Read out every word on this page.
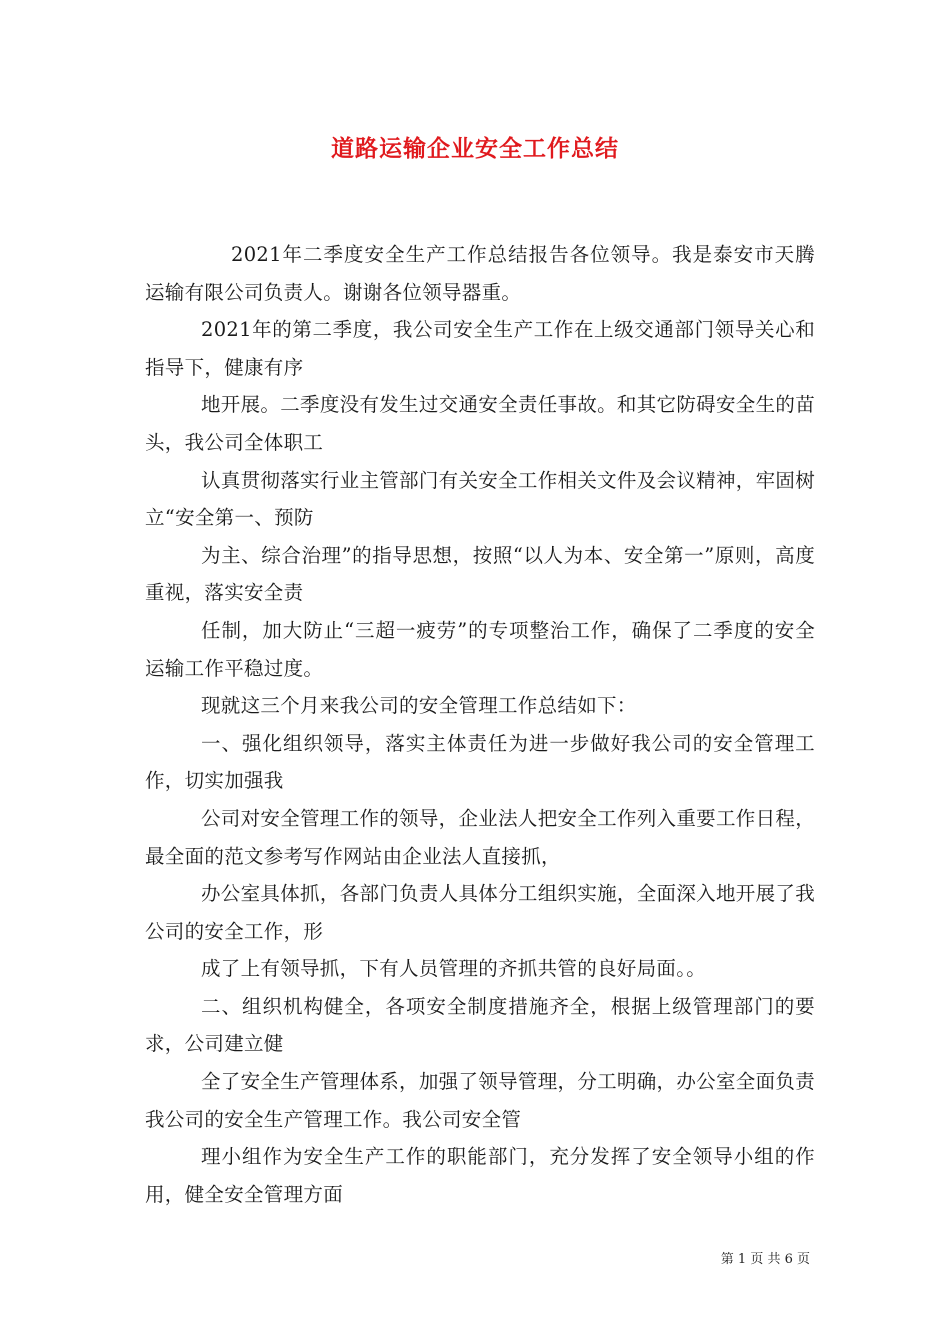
道路运输企业安全工作总结

2021年二季度安全生产工作总结报告各位领导。我是泰安市天腾运输有限公司负责人。谢谢各位领导器重。

2021年的第二季度，我公司安全生产工作在上级交通部门领导关心和指导下，健康有序

地开展。二季度没有发生过交通安全责任事故。和其它防碍安全生的苗头，我公司全体职工

认真贯彻落实行业主管部门有关安全工作相关文件及会议精神，牢固树立“安全第一、预防

为主、综合治理”的指导思想，按照“以人为本、安全第一”原则，高度重视，落实安全责

任制，加大防止“三超一疲劳”的专项整治工作，确保了二季度的安全运输工作平稳过度。

现就这三个月来我公司的安全管理工作总结如下：

一、强化组织领导，落实主体责任为进一步做好我公司的安全管理工作，切实加强我

公司对安全管理工作的领导，企业法人把安全工作列入重要工作日程，最全面的范文参考写作网站由企业法人直接抓，

办公室具体抓，各部门负责人具体分工组织实施，全面深入地开展了我公司的安全工作，形

成了上有领导抓，下有人员管理的齐抓共管的良好局面。。

二、组织机构健全，各项安全制度措施齐全，根据上级管理部门的要求，公司建立健

全了安全生产管理体系，加强了领导管理，分工明确，办公室全面负责我公司的安全生产管理工作。我公司安全管

理小组作为安全生产工作的职能部门，充分发挥了安全领导小组的作用，健全安全管理方面

第 1 页 共 6 页
